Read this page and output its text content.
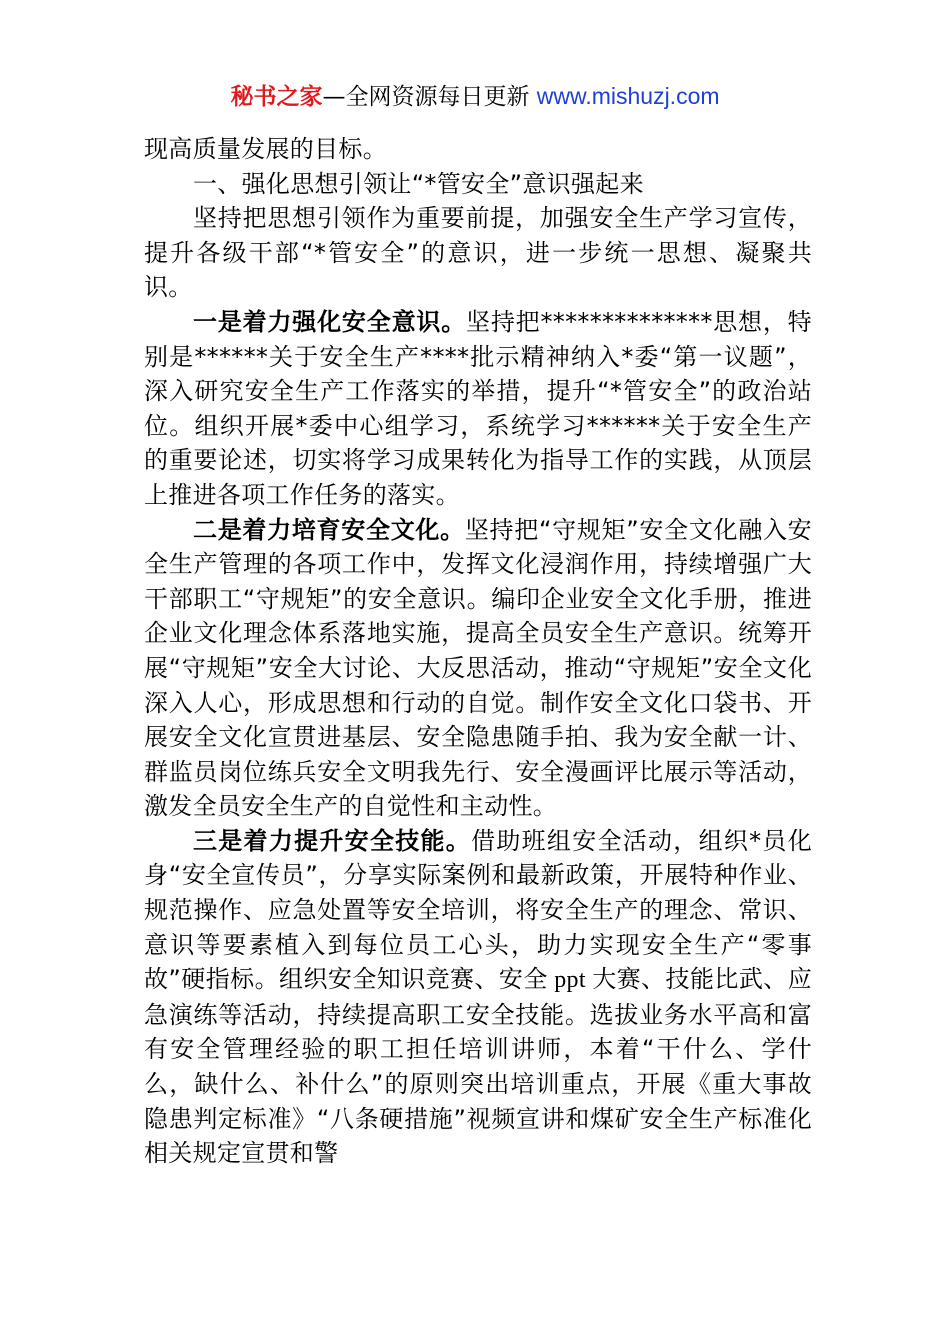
秘书之家—全网资源每日更新 www.mishuzj.com

现高质量发展的目标。

一、强化思想引领让“*管安全”意识强起来

坚持把思想引领作为重要前提，加强安全生产学习宣传，提升各级干部“*管安全”的意识，进一步统一思想、凝聚共识。

一是着力强化安全意识。坚持把**************思想，特别是******关于安全生产****批示精神纳入*委“第一议题”，深入研究安全生产工作落实的举措，提升“*管安全”的政治站位。组织开展*委中心组学习，系统学习******关于安全生产的重要论述，切实将学习成果转化为指导工作的实践，从顶层上推进各项工作任务的落实。

二是着力培育安全文化。坚持把“守规矩”安全文化融入安全生产管理的各项工作中，发挥文化浸润作用，持续增强广大干部职工“守规矩”的安全意识。编印企业安全文化手册，推进企业文化理念体系落地实施，提高全员安全生产意识。统筹开展“守规矩”安全大讨论、大反思活动，推动“守规矩”安全文化深入人心，形成思想和行动的自觉。制作安全文化口袋书、开展安全文化宣贯进基层、安全隐患随手拍、我为安全献一计、群监员岗位练兵安全文明我先行、安全漫画评比展示等活动，激发全员安全生产的自觉性和主动性。

三是着力提升安全技能。借助班组安全活动，组织*员化身“安全宣传员”，分享实际案例和最新政策，开展特种作业、规范操作、应急处置等安全培训，将安全生产的理念、常识、意识等要素植入到每位员工心头，助力实现安全生产“零事故”硬指标。组织安全知识竞赛、安全 ppt 大赛、技能比武、应急演练等活动，持续提高职工安全技能。选拔业务水平高和富有安全管理经验的职工担任培训讲师，本着“干什么、学什么，缺什么、补什么”的原则突出培训重点，开展《重大事故隐患判定标准》“八条硬措施”视频宣讲和煤矿安全生产标准化相关规定宣贯和警
